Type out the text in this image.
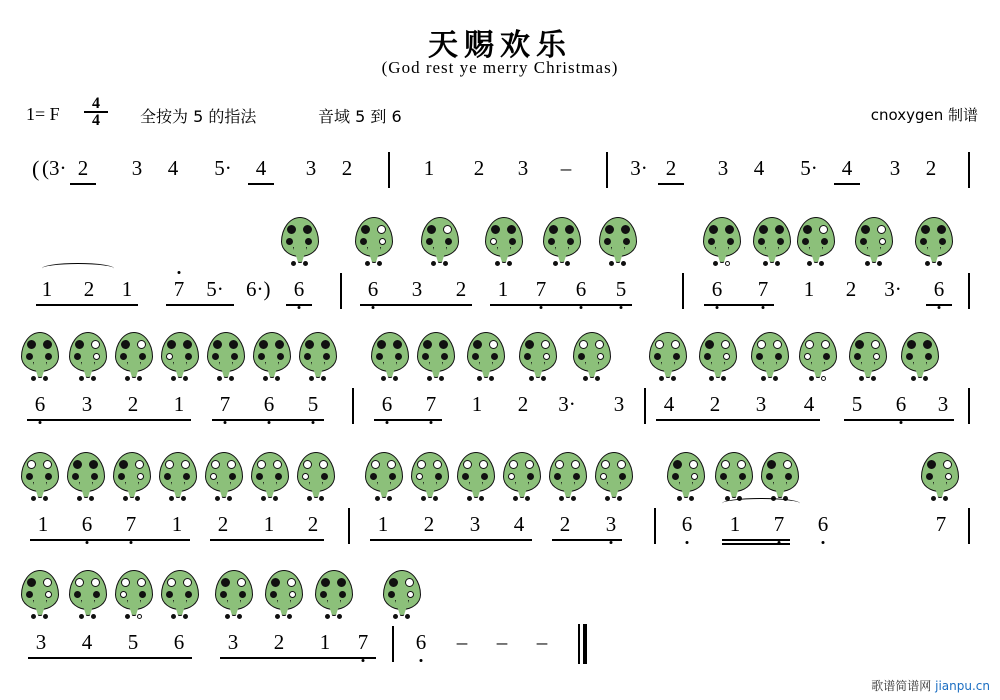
天赐欢乐
(God rest ye merry Christmas)
1= F $\frac{4}{4}$ 全按为 5 的指法	音域 5 到 6	cnoxygen 制谱
( (3· 2 3 4 5· 4 3 2	1 2 3 –	3· 2 3 4 5· 4 3 2
1 2 1 7 5· 6·) 6	6 3 2 1 7 6 5	6 7 1 2 3· 6
6 3 2 1 7 6 5	6 7 1 2 3· 3 4 2 3 4 5 6 3
1 6 7 1 2 1 2	1 2 3 4 2 3	6 1 7 6	7
3 4 5 6 3 2 1 7 6 – – –
歌谱简谱网 jianpu.cn
